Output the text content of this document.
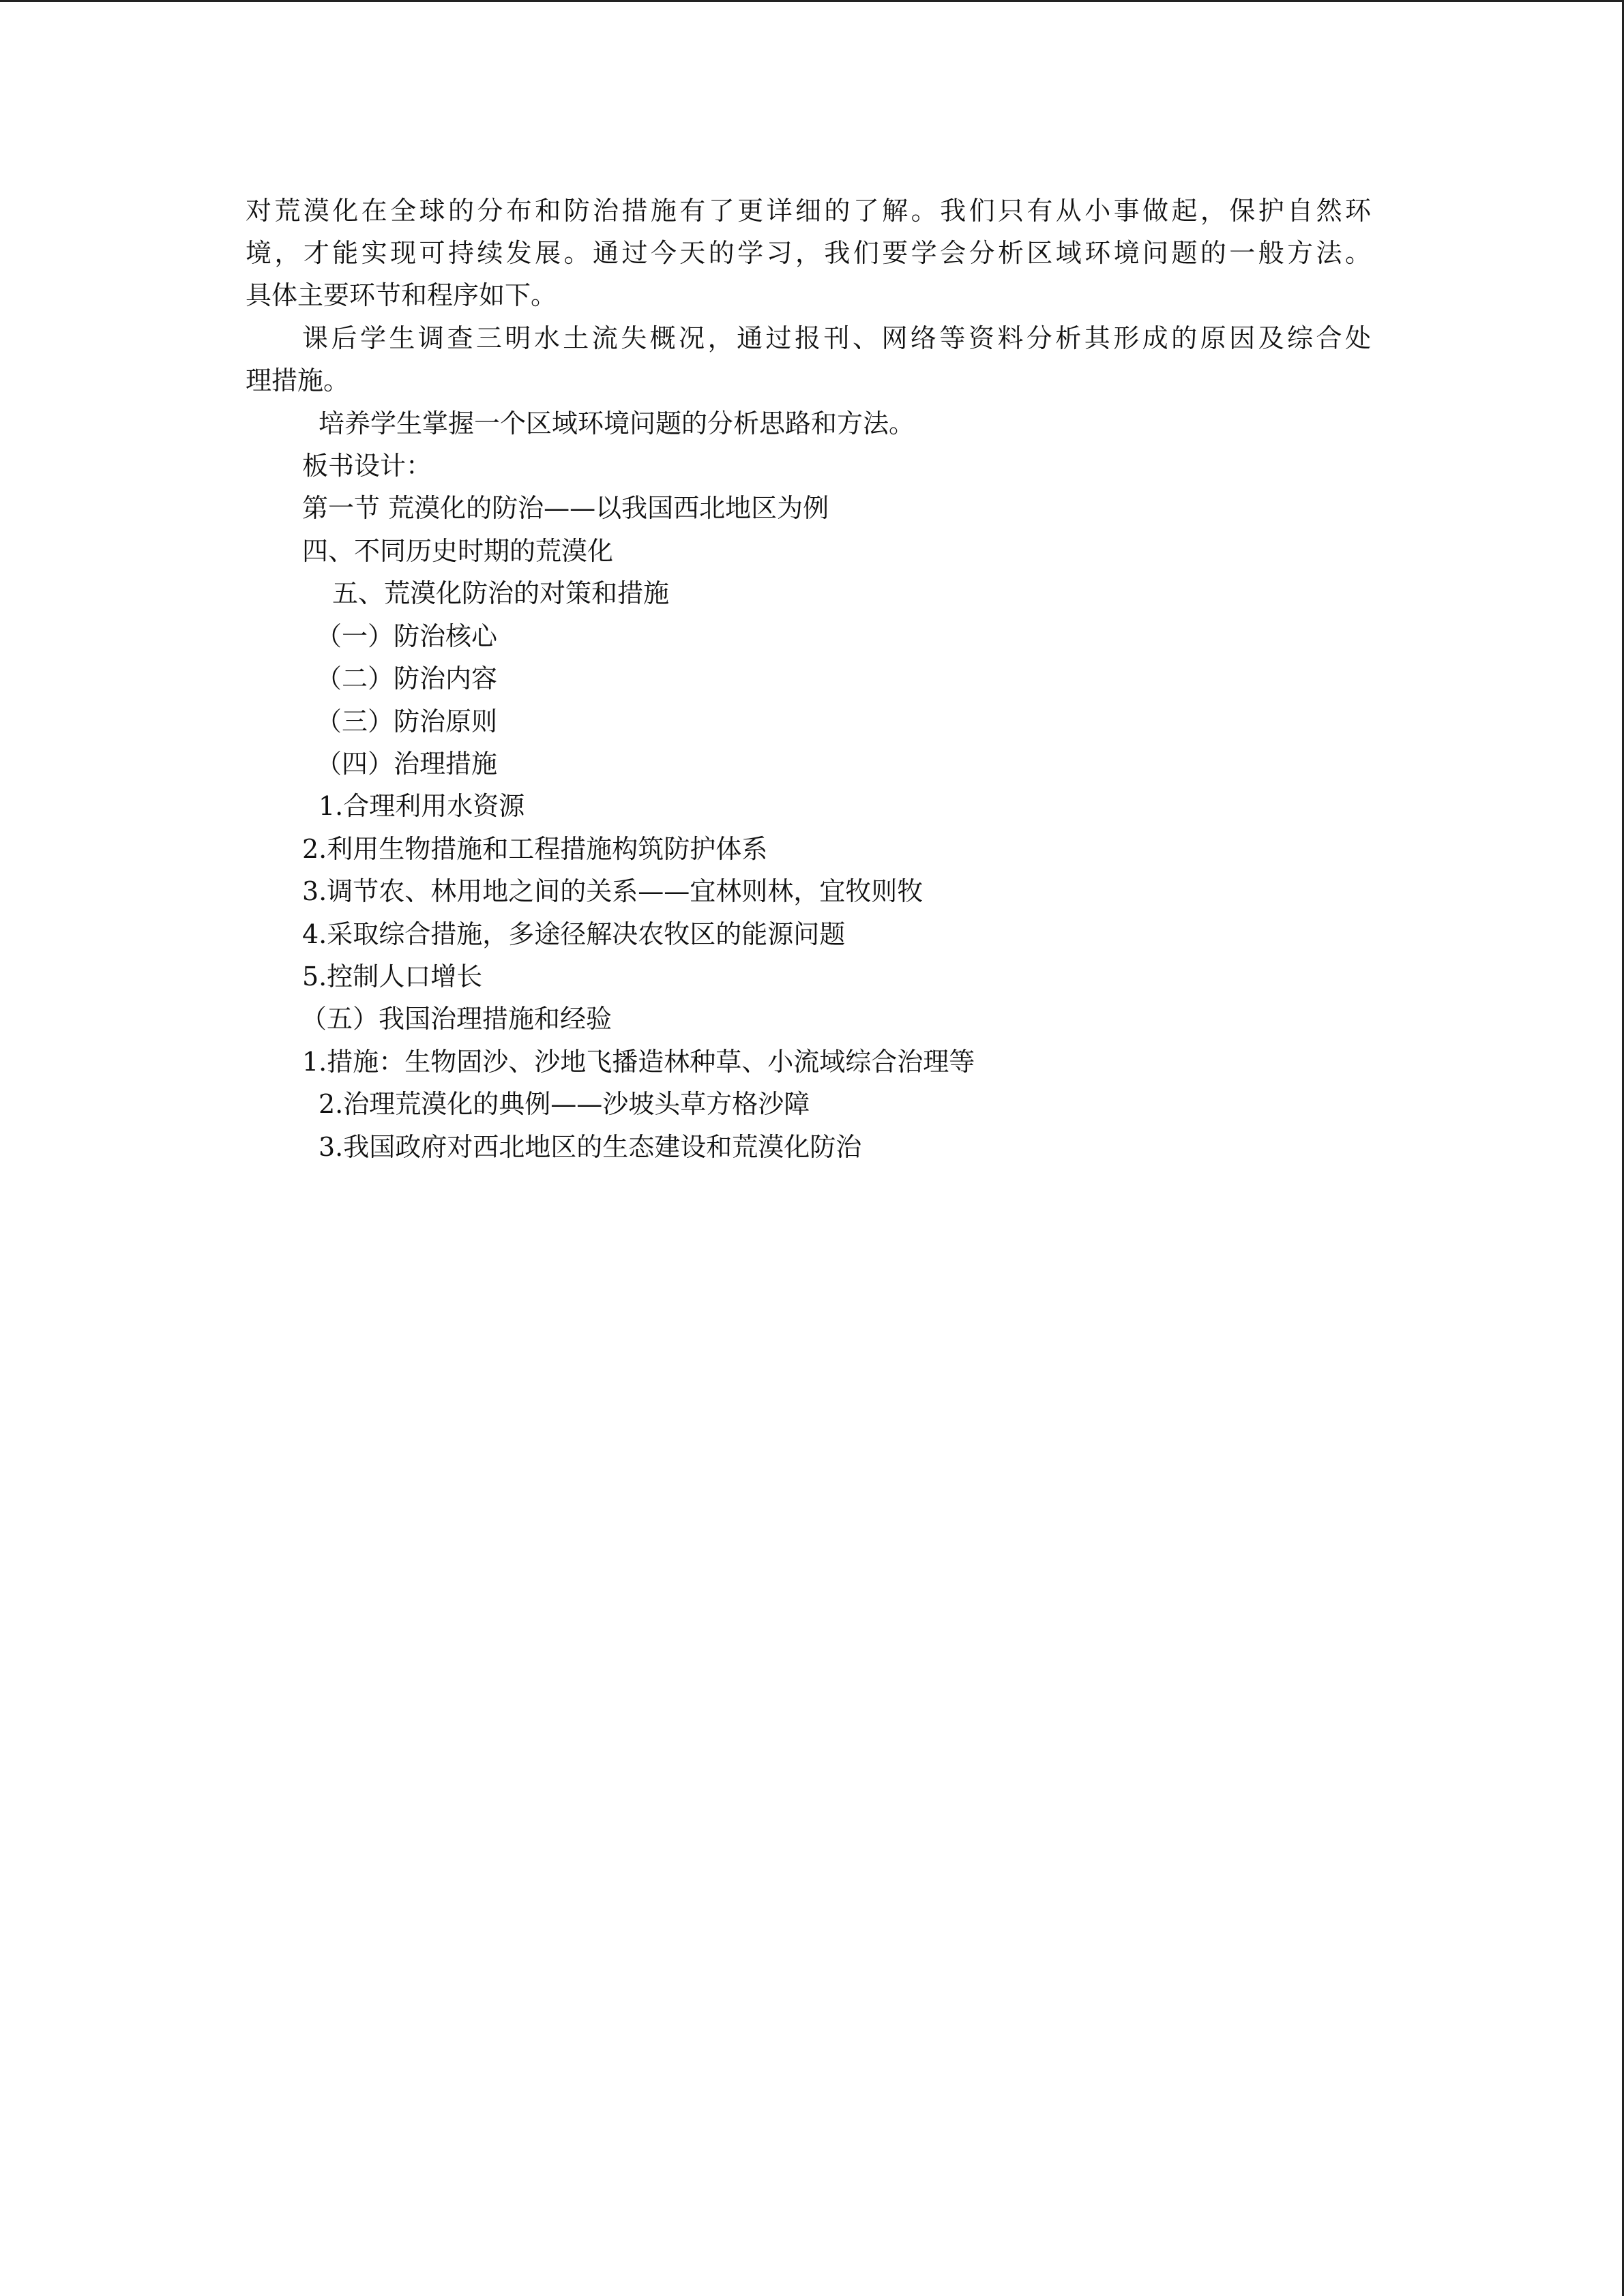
对荒漠化在全球的分布和防治措施有了更详细的了解。我们只有从小事做起，保护自然环
境，才能实现可持续发展。通过今天的学习，我们要学会分析区域环境问题的一般方法。
具体主要环节和程序如下。
课后学生调查三明水土流失概况，通过报刊、网络等资料分析其形成的原因及综合处
理措施。
培养学生掌握一个区域环境问题的分析思路和方法。
板书设计：
第一节 荒漠化的防治——以我国西北地区为例
四、不同历史时期的荒漠化
五、荒漠化防治的对策和措施
（一）防治核心
（二）防治内容
（三）防治原则
（四）治理措施
1.合理利用水资源
2.利用生物措施和工程措施构筑防护体系
3.调节农、林用地之间的关系——宜林则林，宜牧则牧
4.采取综合措施，多途径解决农牧区的能源问题
5.控制人口增长
（五）我国治理措施和经验
1.措施：生物固沙、沙地飞播造林种草、小流域综合治理等
2.治理荒漠化的典例——沙坡头草方格沙障
3.我国政府对西北地区的生态建设和荒漠化防治
